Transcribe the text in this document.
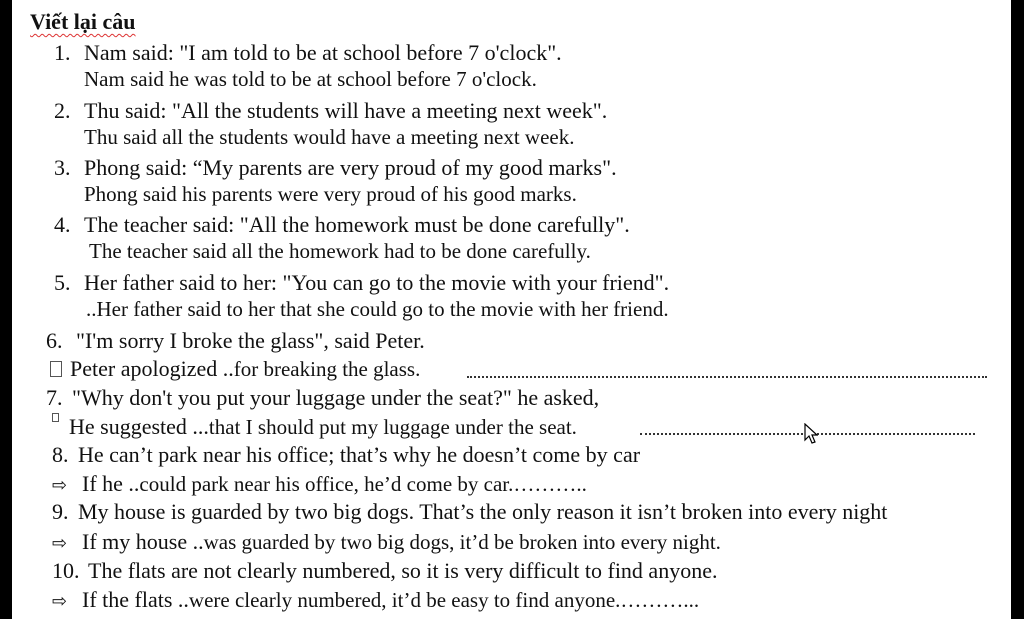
Viết lại câu
1. Nam said: "I am told to be at school before 7 o'clock".
Nam said he was told to be at school before 7 o'clock.
2. Thu said: "All the students will have a meeting next week".
Thu said all the students would have a meeting next week.
3. Phong said: “My parents are very proud of my good marks".
Phong said his parents were very proud of his good marks.
4. The teacher said: "All the homework must be done carefully".
The teacher said all the homework had to be done carefully.
5. Her father said to her: "You can go to the movie with your friend".
..Her father said to her that she could go to the movie with her friend.
6. "I'm sorry I broke the glass", said Peter.
Peter apologized ..for breaking the glass.
7. "Why don't you put your luggage under the seat?" he asked,
He suggested ...that I should put my luggage under the seat.
8. He can’t park near his office; that’s why he doesn’t come by car
⇨ If he ..could park near his office, he’d come by car.………..
9. My house is guarded by two big dogs. That’s the only reason it isn’t broken into every night
⇨ If my house ..was guarded by two big dogs, it’d be broken into every night.
10. The flats are not clearly numbered, so it is very difficult to find anyone.
⇨ If the flats ..were clearly numbered, it’d be easy to find anyone.………...
